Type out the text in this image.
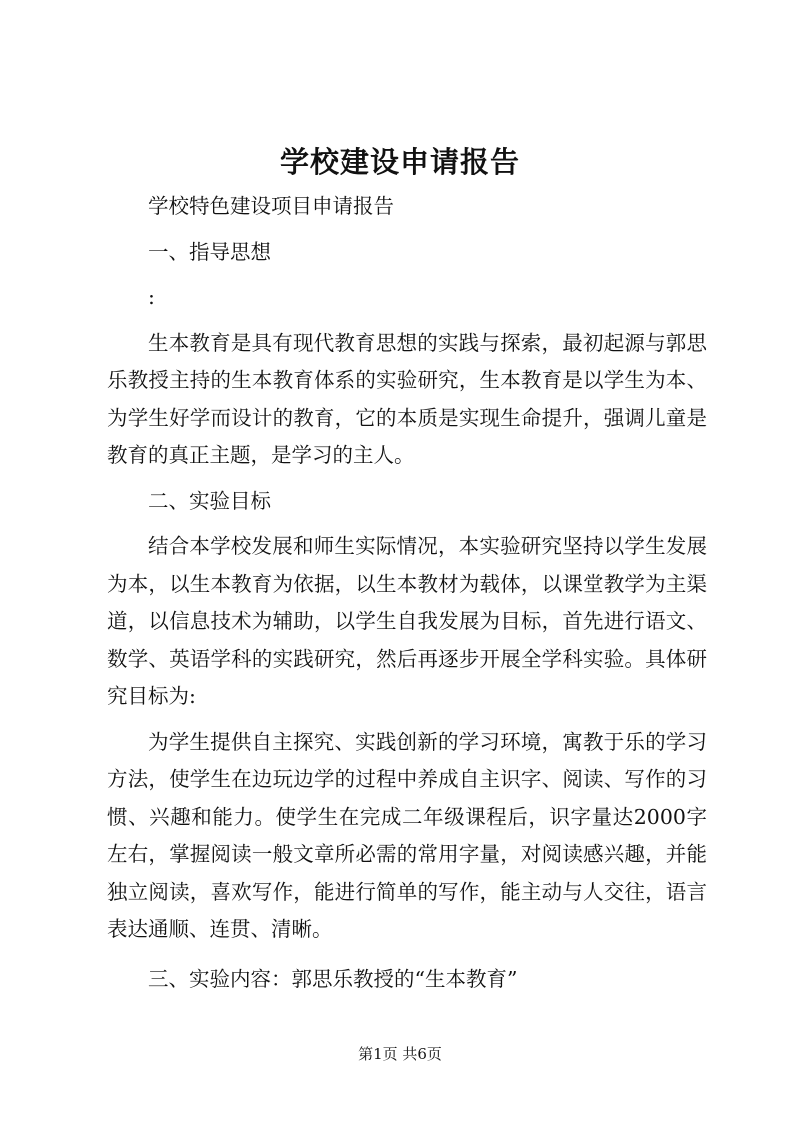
学校建设申请报告

学校特色建设项目申请报告

一、指导思想

:

生本教育是具有现代教育思想的实践与探索，最初起源与郭思乐教授主持的生本教育体系的实验研究，生本教育是以学生为本、为学生好学而设计的教育，它的本质是实现生命提升，强调儿童是教育的真正主题，是学习的主人。

二、实验目标

结合本学校发展和师生实际情况，本实验研究坚持以学生发展为本，以生本教育为依据，以生本教材为载体，以课堂教学为主渠道，以信息技术为辅助，以学生自我发展为目标，首先进行语文、数学、英语学科的实践研究，然后再逐步开展全学科实验。具体研究目标为:

为学生提供自主探究、实践创新的学习环境，寓教于乐的学习方法，使学生在边玩边学的过程中养成自主识字、阅读、写作的习惯、兴趣和能力。使学生在完成二年级课程后，识字量达2000字左右，掌握阅读一般文章所必需的常用字量，对阅读感兴趣，并能独立阅读，喜欢写作，能进行简单的写作，能主动与人交往，语言表达通顺、连贯、清晰。

三、实验内容：郭思乐教授的“生本教育”

第1页 共6页
